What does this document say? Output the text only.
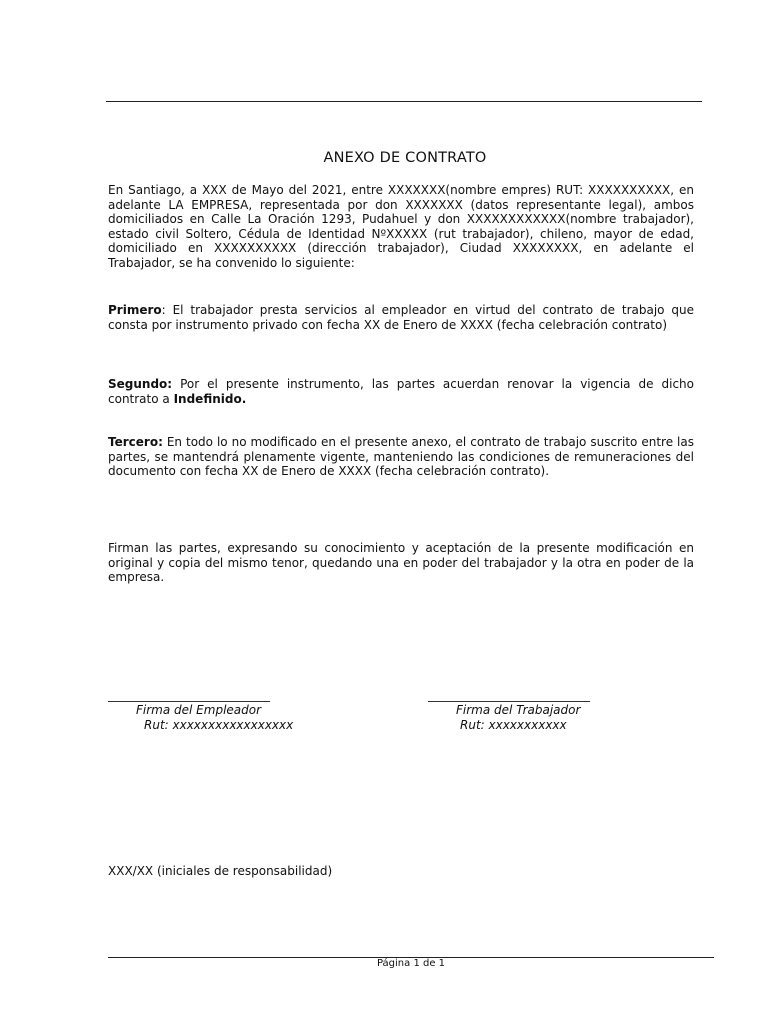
ANEXO DE CONTRATO

En Santiago, a XXX de Mayo del 2021, entre XXXXXXX(nombre empres) RUT: XXXXXXXXXX, en adelante LA EMPRESA, representada por don XXXXXXX (datos representante legal), ambos domiciliados en Calle La Oración 1293, Pudahuel y don XXXXXXXXXXXX(nombre trabajador), estado civil Soltero, Cédula de Identidad NºXXXXX (rut trabajador), chileno, mayor de edad, domiciliado en XXXXXXXXXX (dirección trabajador), Ciudad XXXXXXXX, en adelante el Trabajador, se ha convenido lo siguiente:

Primero: El trabajador presta servicios al empleador en virtud del contrato de trabajo que consta por instrumento privado con fecha XX de Enero de XXXX (fecha celebración contrato)

Segundo: Por el presente instrumento, las partes acuerdan renovar la vigencia de dicho contrato a Indefinido.

Tercero: En todo lo no modificado en el presente anexo, el contrato de trabajo suscrito entre las partes, se mantendrá plenamente vigente, manteniendo las condiciones de remuneraciones del documento con fecha XX de Enero de XXXX (fecha celebración contrato).

Firman las partes, expresando su conocimiento y aceptación de la presente modificación en original y copia del mismo tenor, quedando una en poder del trabajador y la otra en poder de la empresa.

___________________________
Firma del Empleador
Rut: xxxxxxxxxxxxxxxxx
___________________________
Firma del Trabajador
Rut: xxxxxxxxxxx

XXX/XX (iniciales de responsabilidad)

Página 1 de 1
